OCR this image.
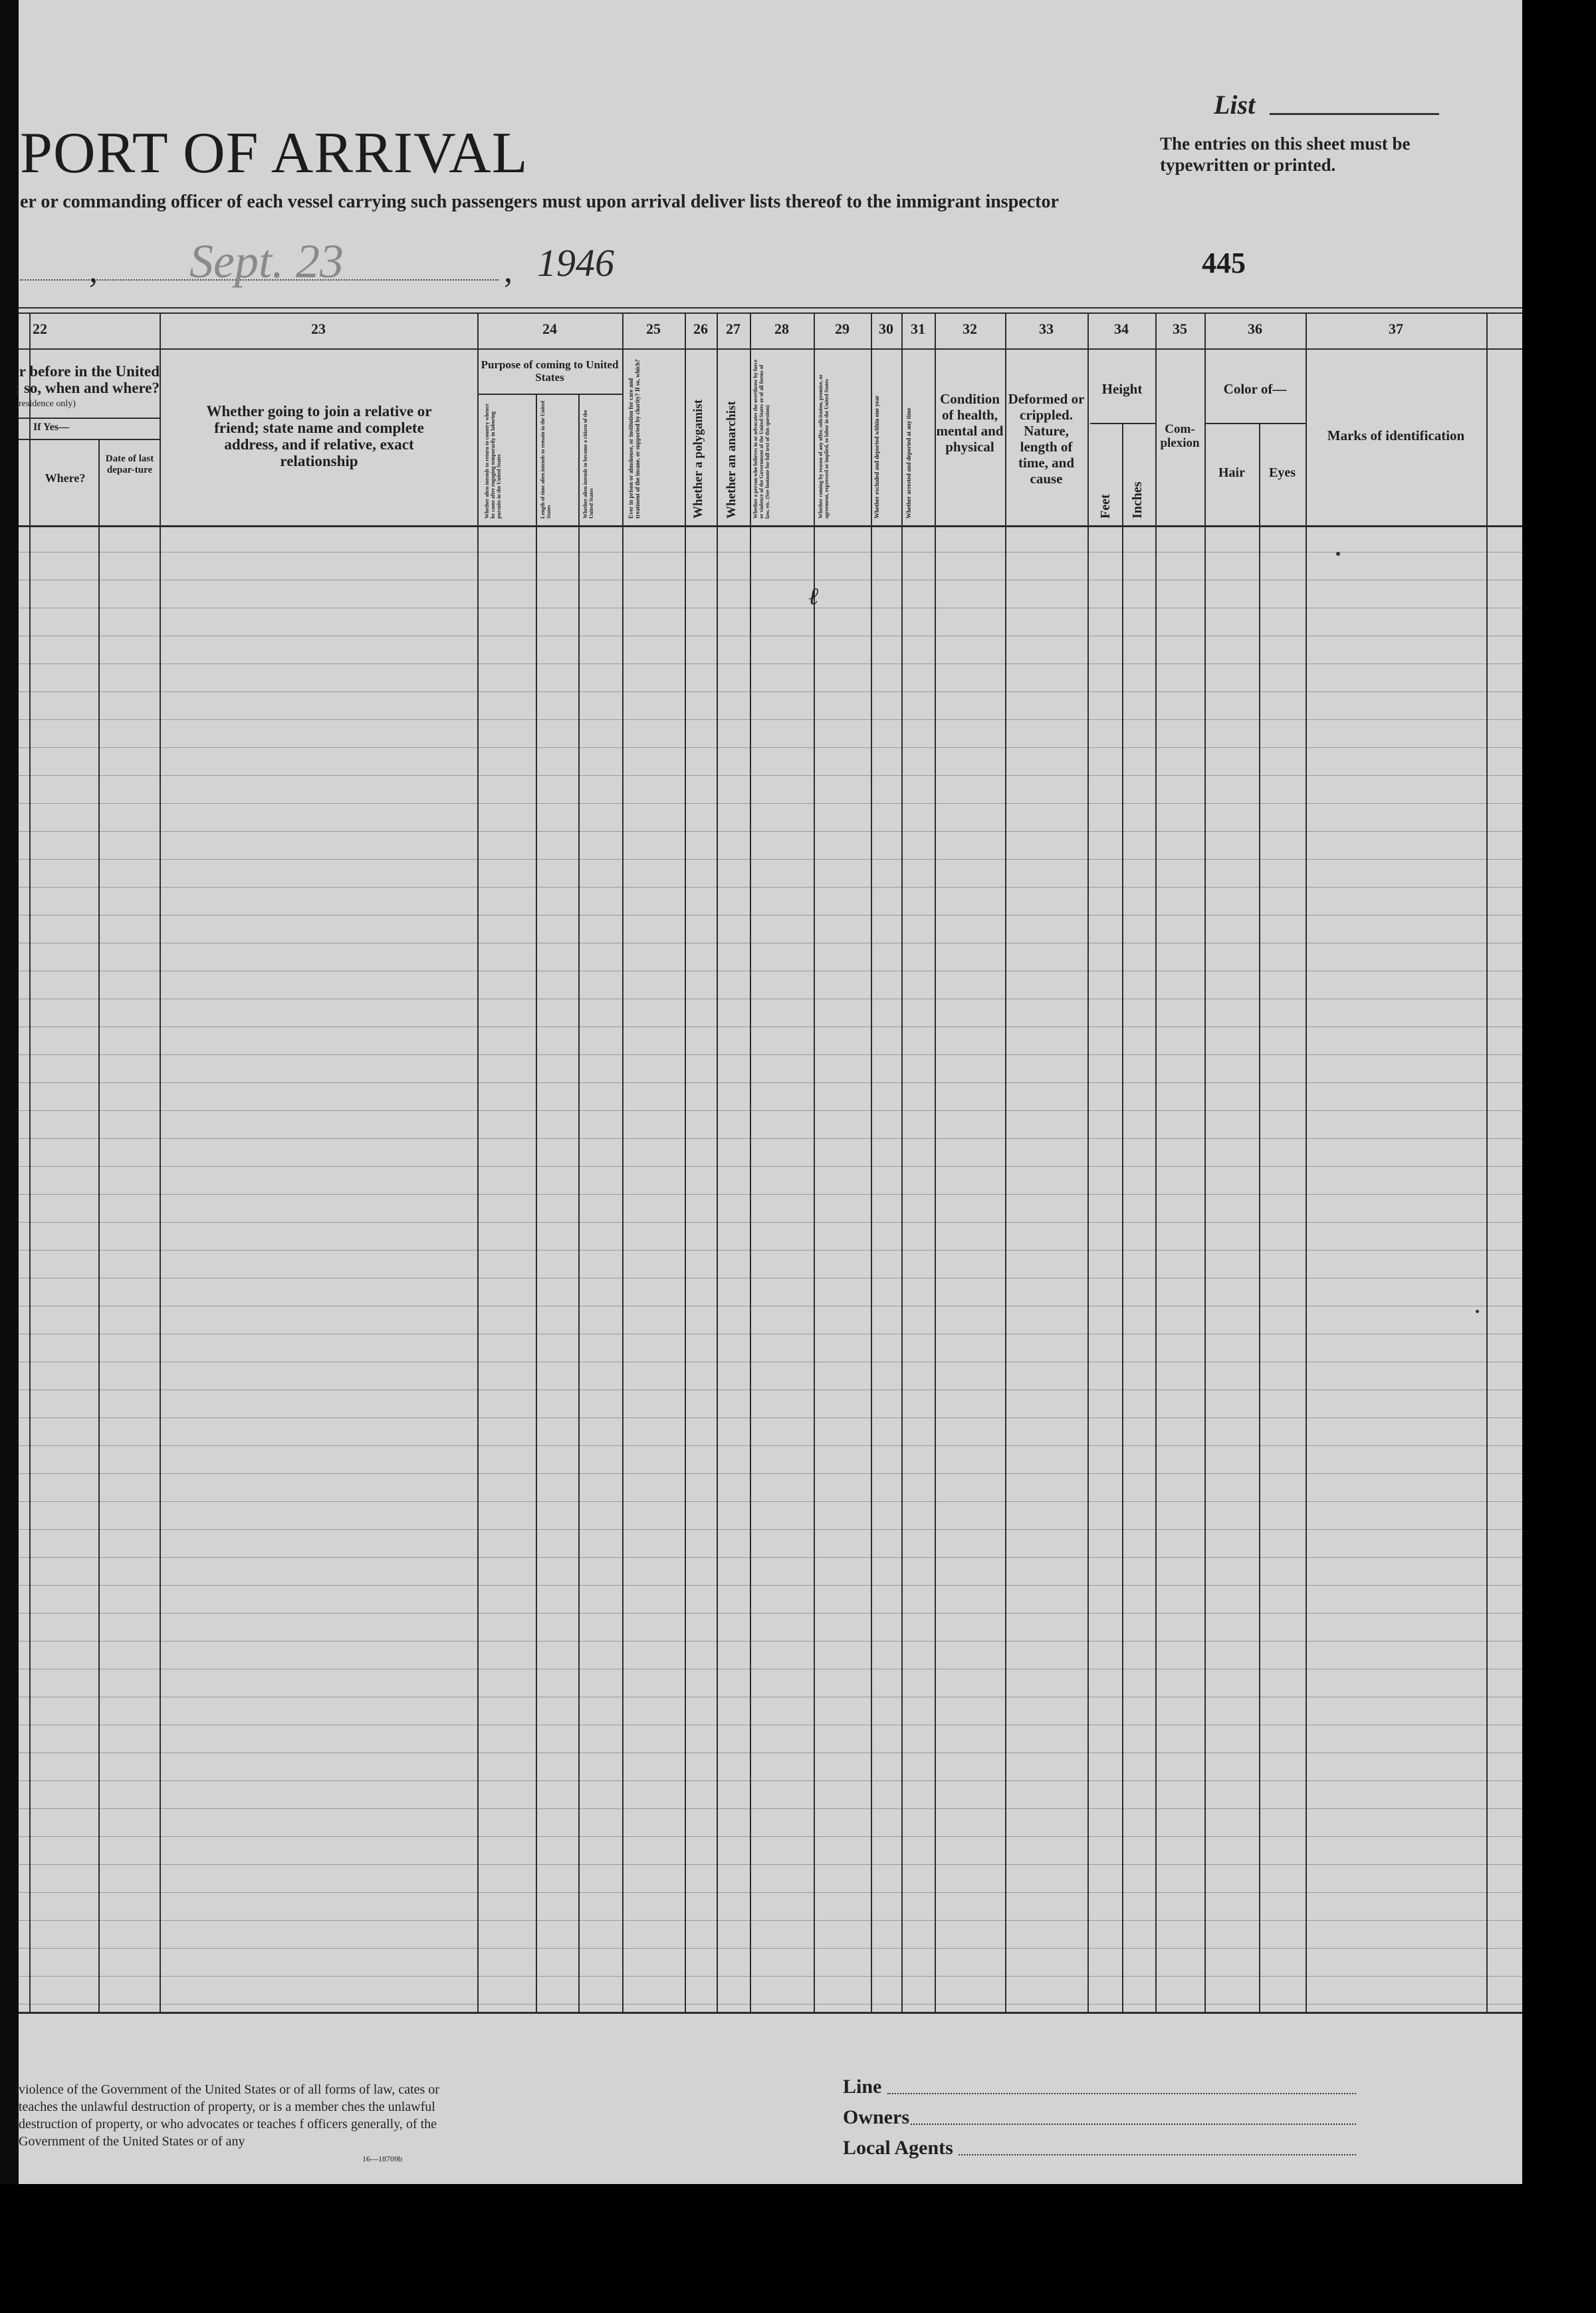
PORT OF ARRIVAL
er or commanding officer of each vessel carrying such passengers must upon arrival deliver lists thereof to the immigrant inspector
List
The entries on this sheet must be typewritten or printed.
, Sept. 23	, 1946	445
22	23	24	25	26	27	28	29	30	31	32	33	34	35	36	37
r before in the United
; so, when and where?
residence only)
If Yes—
Where?
Date of last depar-ture
Whether going to join a relative or friend; state name and complete address, and if relative, exact relationship
Purpose of coming to United States
Whether alien intends to return to country whence he came after engaging temporarily in laboring pursuits in the United States	Length of time alien intends to remain in the United States	Whether alien intends to become a citizen of the United States	Ever in prison or almshouse, or institution for care and treatment of the insane, or supported by charity? If so, which?	Whether a polygamist	Whether an anarchist	Whether a person who believes in or advocates the overthrow by force or violence of the Government of the United States or of all forms of law, etc. (See footnote for full text of this question)	Whether coming by reason of any offer, solicitation, promise, or agreement, expressed or implied, to labor in the United States	Whether excluded and deported within one year	Whether arrested and deported at any time
Condition of health, mental and physical
Deformed or crippled. Nature, length of time, and cause
Height
Feet	Inches
Com-plexion
Color of—
Hair	Eyes
Marks of identification
ℓ
violence of the Government of the United States or of all forms of law, cates or teaches the unlawful destruction of property, or is a member ches the unlawful destruction of property, or who advocates or teaches f officers generally, of the Government of the United States or of any
16—18709b
Line
Owners
Local Agents
